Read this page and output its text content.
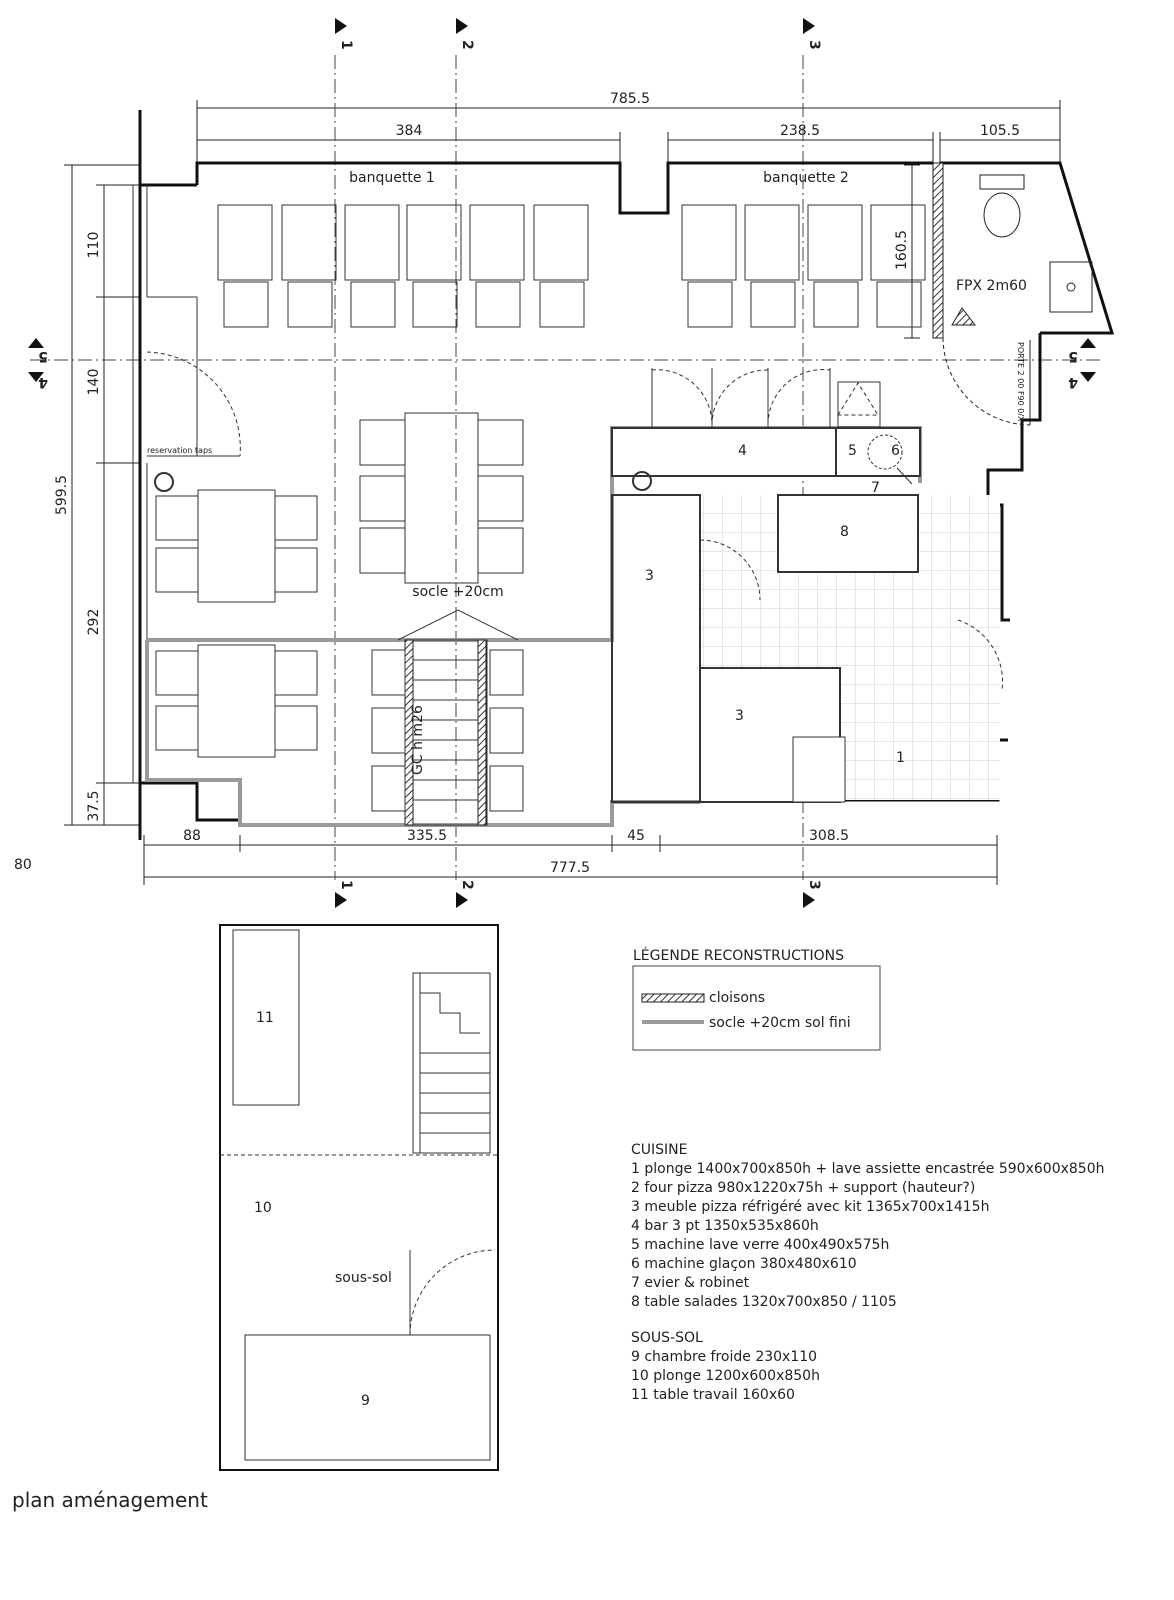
785.5
384	238.5	105.5
599.5
110
140
292
37.5
88	335.5	45	308.5
777.5
80
160.5
1	2	3
1	2	3
5
4
5
4
reservation taps
FPX 2m60
PORTE 2 00 F90 0/X
banquette 1	banquette 2
socle +20cm
GC h m26	1
3
3
4	5 6
7
8
11
10
sous-sol
9
LÉGENDE RECONSTRUCTIONS
cloisons
socle +20cm sol fini
CUISINE
1 plonge 1400x700x850h + lave assiette encastrée 590x600x850h
2 four pizza 980x1220x75h + support (hauteur?)
3 meuble pizza réfrigéré avec kit 1365x700x1415h
4 bar 3 pt 1350x535x860h
5 machine lave verre 400x490x575h
6 machine glaçon 380x480x610
7 evier & robinet
8 table salades 1320x700x850 / 1105
SOUS-SOL
9 chambre froide 230x110
10 plonge 1200x600x850h
11 table travail 160x60
plan aménagement
